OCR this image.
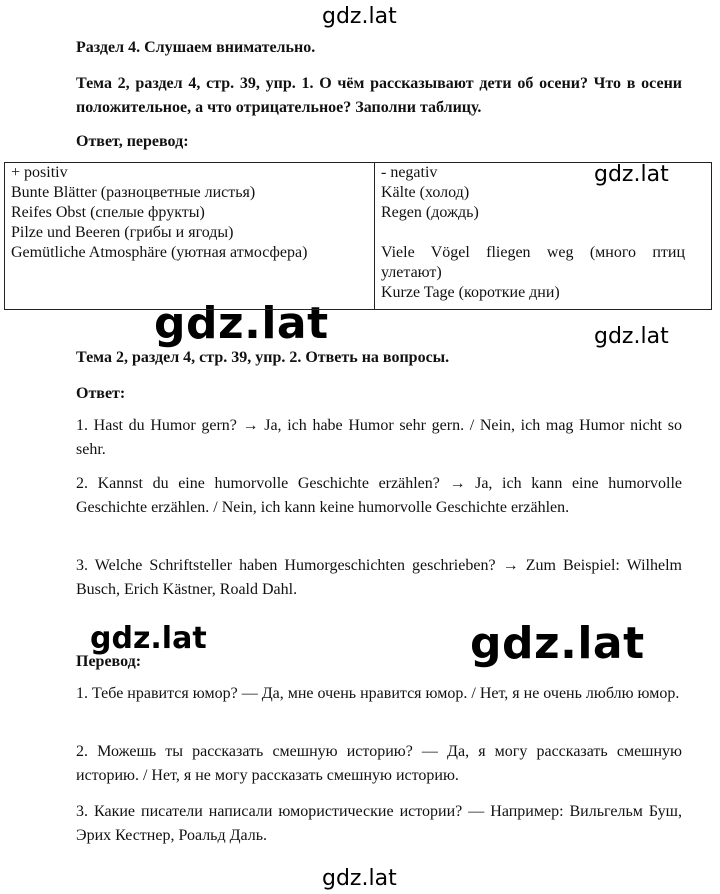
gdz.lat
gdz.lat
gdz.lat	gdz.lat
gdz.lat	gdz.lat
gdz.lat
Раздел 4. Слушаем внимательно.
Тема 2, раздел 4, стр. 39, упр. 1. О чём рассказывают дети об осени? Что в осени положительное, а что отрицательное? Заполни таблицу.
Ответ, перевод:
+ positiv
Bunte Blätter (разноцветные листья)
Reifes Obst (спелые фрукты)
Pilze und Beeren (грибы и ягоды)
Gemütliche Atmosphäre (уютная атмосфера)

- negativ
Kälte (холод)
Regen (дождь)
Viele Vögel fliegen weg (много птиц улетают)
Kurze Tage (короткие дни)
Тема 2, раздел 4, стр. 39, упр. 2. Ответь на вопросы.
Ответ:
1. Hast du Humor gern? → Ja, ich habe Humor sehr gern. / Nein, ich mag Humor nicht so sehr.
2. Kannst du eine humorvolle Geschichte erzählen? → Ja, ich kann eine humorvolle Geschichte erzählen. / Nein, ich kann keine humorvolle Geschichte erzählen.
3. Welche Schriftsteller haben Humorgeschichten geschrieben? → Zum Beispiel: Wilhelm Busch, Erich Kästner, Roald Dahl.
Перевод:
1. Тебе нравится юмор? — Да, мне очень нравится юмор. / Нет, я не очень люблю юмор.
2. Можешь ты рассказать смешную историю? — Да, я могу рассказать смешную историю. / Нет, я не могу рассказать смешную историю.
3. Какие писатели написали юмористические истории? — Например: Вильгельм Буш, Эрих Кестнер, Роальд Даль.
